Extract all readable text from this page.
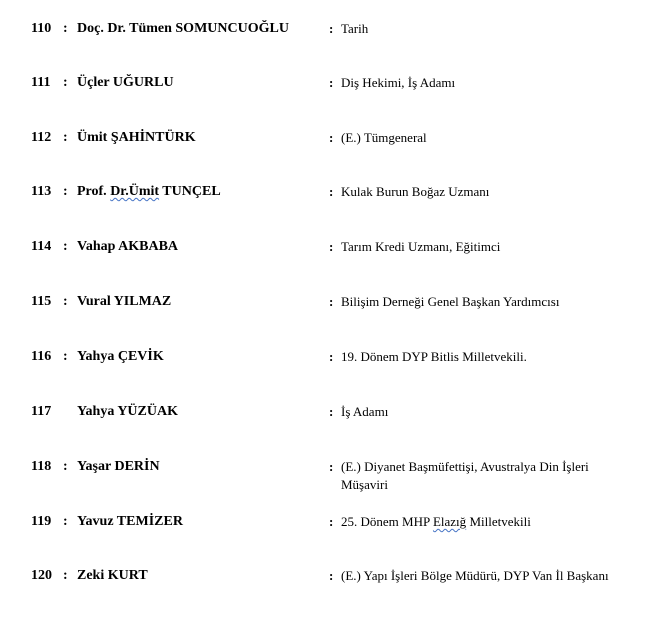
110 : Doç. Dr. Tümen SOMUNCUOĞLU	: Tarih
111 : Üçler UĞURLU	: Diş Hekimi, İş Adamı
112 : Ümit ŞAHİNTÜRK	: (E.) Tümgeneral
113 : Prof. Dr.Ümit TUNÇEL	: Kulak Burun Boğaz Uzmanı
114 : Vahap AKBABA	: Tarım Kredi Uzmanı, Eğitimci
115 : Vural YILMAZ	: Bilişim Derneği Genel Başkan Yardımcısı
116 : Yahya ÇEVİK	: 19. Dönem DYP Bitlis Milletvekili.
117 Yahya YÜZÜAK	: İş Adamı
118 : Yaşar DERİN	: (E.) Diyanet Başmüfettişi, Avustralya Din İşleri Müşaviri
119 : Yavuz TEMİZER	: 25. Dönem MHP Elazığ Milletvekili
120 : Zeki KURT	: (E.) Yapı İşleri Bölge Müdürü, DYP Van İl Başkanı
